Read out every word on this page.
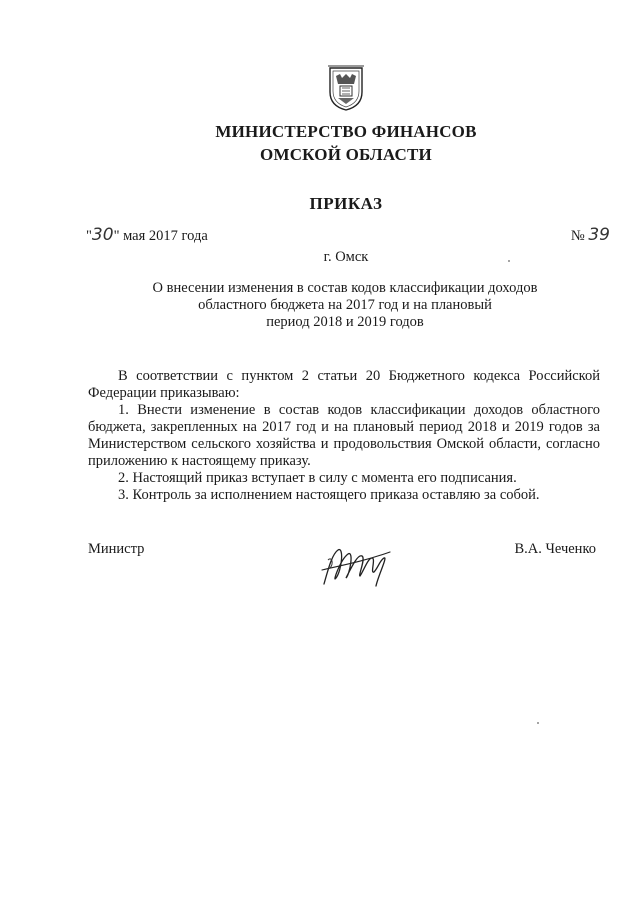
МИНИСТЕРСТВО ФИНАНСОВ
ОМСКОЙ ОБЛАСТИ
ПРИКАЗ
"30" мая 2017 года	№ 39
г. Омск
О внесении изменения в состав кодов классификации доходов
областного бюджета на 2017 год и на плановый
период 2018 и 2019 годов

В соответствии с пунктом 2 статьи 20 Бюджетного кодекса Российской Федерации приказываю:

1. Внести изменение в состав кодов классификации доходов областного бюджета, закрепленных на 2017 год и на плановый период 2018 и 2019 годов за Министерством сельского хозяйства и продовольствия Омской области, согласно приложению к настоящему приказу.

2. Настоящий приказ вступает в силу с момента его подписания.

3. Контроль за исполнением настоящего приказа оставляю за собой.

Министр	В.А. Чеченко
